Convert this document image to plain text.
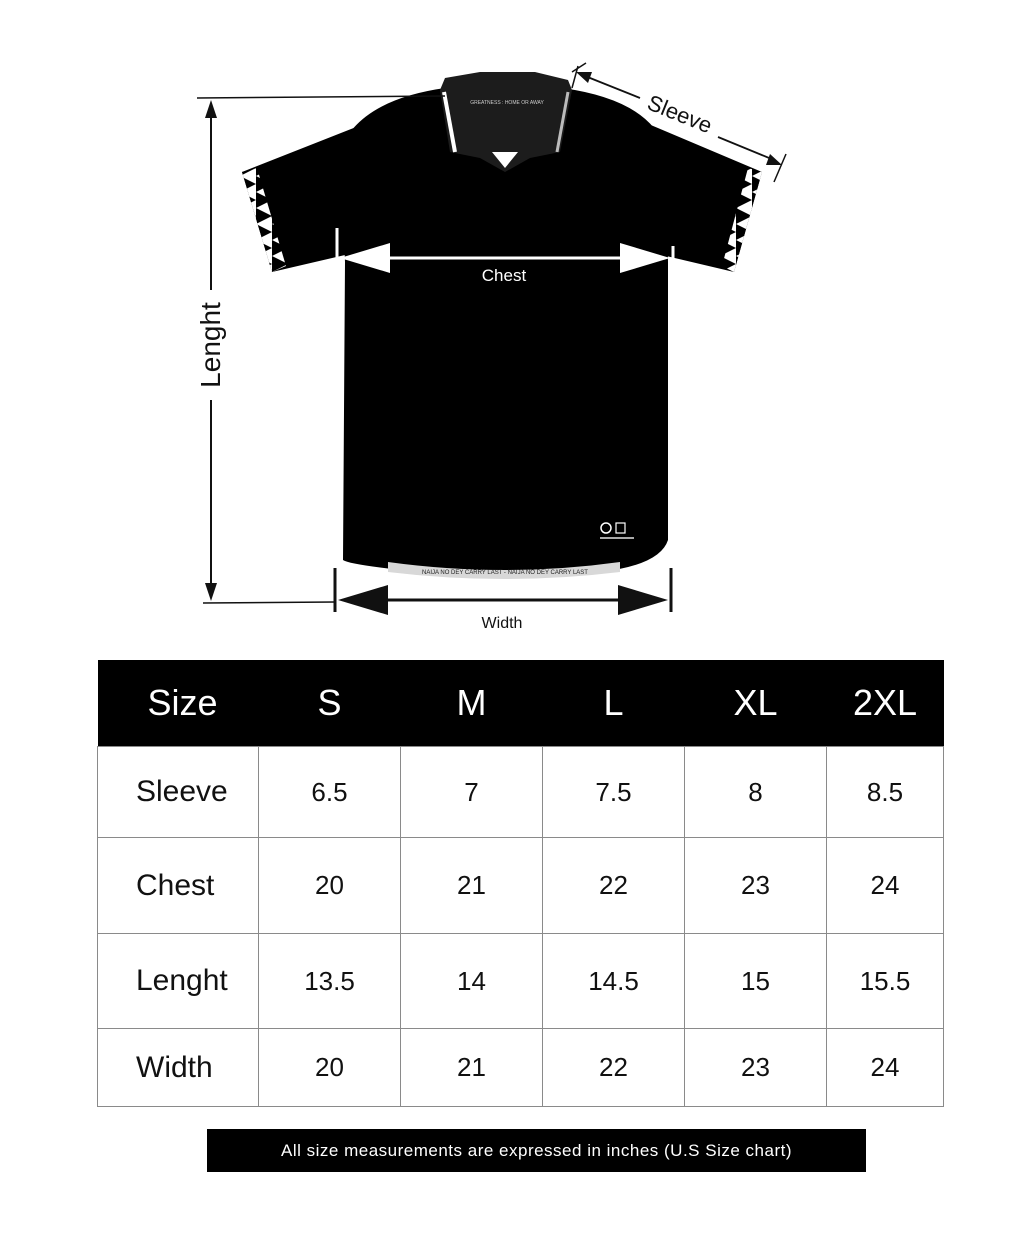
GREATNESS : HOME OR AWAY
NAIJA NO DEY CARRY LAST - NAIJA NO DEY CARRY LAST
Lenght
Sleeve
Chest
Width
Size	S	M	L	XL	2XL
Sleeve	6.5	7	7.5	8	8.5
Chest	20	21	22	23	24
Lenght	13.5	14	14.5	15	15.5
Width	20	21	22	23	24
All size measurements are expressed in inches (U.S Size chart)
